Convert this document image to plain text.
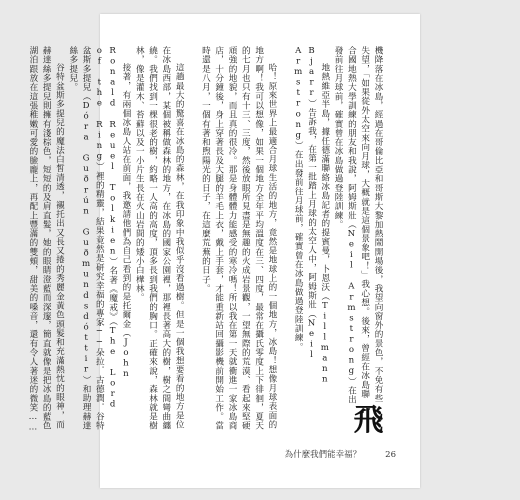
飛
機降落在冰島，經過在哥倫比亞和哥斯大黎加熱鬧開場後，我望向窗外的景色，不免有些失望，「如果從外太空來向月球，大概就是這個景象吧！」我心想。後來，曾經在冰島聯合國地熱大學訓練的朋友和我說，阿姆斯壯（Neil Armstrong）在出發前往月球前，確實曾在冰島做過登陸訓練。

地熱維亞半島，據任德滿聯絡冰島記者的提賓曼，卜恩沃（Tillmann Bjarr）告訴我，在第一批踏上月球的太空人中，阿姆斯壯（Neil Armstrong）在出發前往月球前，確實曾在冰島做過登陸訓練。

哈！原來世界上最適合月球生活的地方，竟然是地球上的一個地方，冰島！想像月球表面的地方啊！我可以想像，如果一個地方全年平均溫度在三、四度，最常在攝氏零度上下徘徊，夏天的七月也只有十三、三度，然後放眼所見盡是無趣的火成岩景觀，一望無際的荒漠、看起來堅硬頑強的地貌，而且真的很冷。那是身體體力能感受的寒冷嗎！所以我在第一天就衝進一家冰島商店，十分鐘後，身上穿著長及大腿的羊毛上衣，戴上手套，才能重新站回攝影機前開始工作。當時還是八月，一個有著和煦陽光的日子，在這麼荒蕪的日子。

這趟最大的驚喜在冰島的森林，在我印象中我似乎沒看過樹。但是一個我想要看的地方是位在冰島西部，某個被稱做森林的地方，在冰島的國家公園裡，那裡長著高大的樹，樹之間彎曲纏繞。我們找到一棵很老的樹，約略一人高的高度，頂多長到我們的胸口。正確來說，森林就是樹林，像是灌木、苔蘚以及一小片生長在火山岩間的矮小白樺林。

接著，有兩個冰島人站在前面，我邀請他們為自己看到的是托爾金（John Ronald Reuel Tolkien）名著《魔戒》（The Lord of the Ring）裡的精靈，結果竟然是研究幸福的專家──朵拉．古德潤．谷特盆斯多提兒（Dóra Guðrún Guðmundsdóttir）和助理赫達絲多提兒。

谷特盆斯多提兒的魔法白皙清透，襯托出又長又捲的秀麗金黃色頭髮和充滿熱忱的眼神，而赫達絲多提兒則擁有淺棕色，短短的及肩直髮，她的眼睛澄藍而深邃，簡直就像是把冰島的藍色湖泊跟放在這張稚嫩可愛的臉龐上，再配上豐滿的雙頰，甜美的嗓音，還有令人著迷的微笑……

為什麼我們能幸福？	26
